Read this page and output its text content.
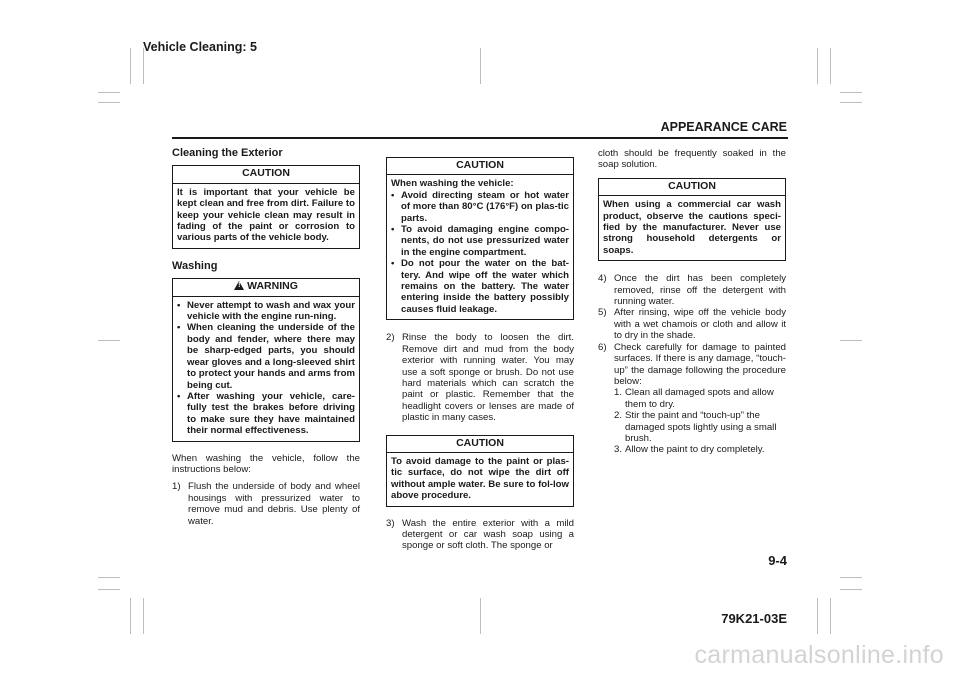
Vehicle Cleaning: 5
APPEARANCE CARE
Cleaning the Exterior
CAUTION
It is important that your vehicle be kept clean and free from dirt. Failure to keep your vehicle clean may result in fading of the paint or corrosion to various parts of the vehicle body.
Washing
!WARNING
• Never attempt to wash and wax your vehicle with the engine run-ning.
• When cleaning the underside of the body and fender, where there may be sharp-edged parts, you should wear gloves and a long-sleeved shirt to protect your hands and arms from being cut.
• After washing your vehicle, care-fully test the brakes before driving to make sure they have maintained their normal effectiveness.
When washing the vehicle, follow the instructions below:
1) Flush the underside of body and wheel housings with pressurized water to remove mud and debris. Use plenty of water.
CAUTION
When washing the vehicle:
• Avoid directing steam or hot water of more than 80°C (176°F) on plas-tic parts.
• To avoid damaging engine compo-nents, do not use pressurized water in the engine compartment.
• Do not pour the water on the bat-tery. And wipe off the water which remains on the battery. The water entering inside the battery possibly causes fluid leakage.
2) Rinse the body to loosen the dirt. Remove dirt and mud from the body exterior with running water. You may use a soft sponge or brush. Do not use hard materials which can scratch the paint or plastic. Remember that the headlight covers or lenses are made of plastic in many cases.
CAUTION
To avoid damage to the paint or plas-tic surface, do not wipe the dirt off without ample water. Be sure to fol-low above procedure.
3) Wash the entire exterior with a mild detergent or car wash soap using a sponge or soft cloth. The sponge or
cloth should be frequently soaked in the soap solution.
CAUTION
When using a commercial car wash product, observe the cautions speci-fied by the manufacturer. Never use strong household detergents or soaps.
4) Once the dirt has been completely removed, rinse off the detergent with running water.
5) After rinsing, wipe off the vehicle body with a wet chamois or cloth and allow it to dry in the shade.
6) Check carefully for damage to painted surfaces. If there is any damage, “touch-up” the damage following the procedure below:
1. Clean all damaged spots and allow them to dry.
2. Stir the paint and “touch-up” the damaged spots lightly using a small brush.
3. Allow the paint to dry completely.
9-4
79K21-03E
carmanualsonline.info
